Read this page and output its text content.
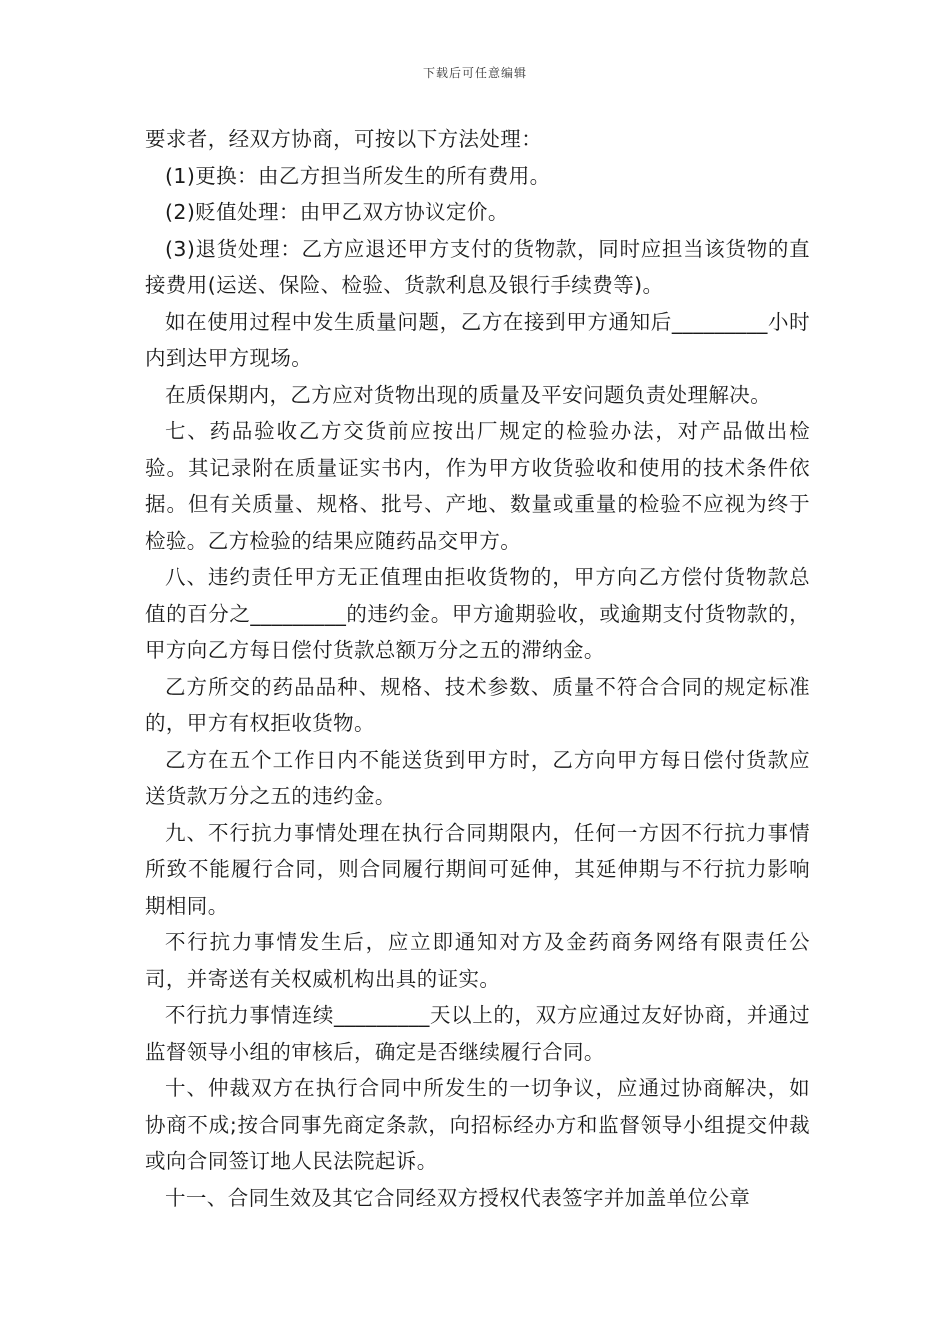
下载后可任意编辑

要求者，经双方协商，可按以下方法处理：

(1)更换：由乙方担当所发生的所有费用。

(2)贬值处理：由甲乙双方协议定价。

(3)退货处理：乙方应退还甲方支付的货物款，同时应担当该货物的直接费用(运送、保险、检验、货款利息及银行手续费等)。

如在使用过程中发生质量问题，乙方在接到甲方通知后_________小时内到达甲方现场。

在质保期内，乙方应对货物出现的质量及平安问题负责处理解决。

七、药品验收乙方交货前应按出厂规定的检验办法，对产品做出检验。其记录附在质量证实书内，作为甲方收货验收和使用的技术条件依据。但有关质量、规格、批号、产地、数量或重量的检验不应视为终于检验。乙方检验的结果应随药品交甲方。

八、违约责任甲方无正值理由拒收货物的，甲方向乙方偿付货物款总值的百分之_________的违约金。甲方逾期验收，或逾期支付货物款的，甲方向乙方每日偿付货款总额万分之五的滞纳金。

乙方所交的药品品种、规格、技术参数、质量不符合合同的规定标准的，甲方有权拒收货物。

乙方在五个工作日内不能送货到甲方时，乙方向甲方每日偿付货款应送货款万分之五的违约金。

九、不行抗力事情处理在执行合同期限内，任何一方因不行抗力事情所致不能履行合同，则合同履行期间可延伸，其延伸期与不行抗力影响期相同。

不行抗力事情发生后，应立即通知对方及金药商务网络有限责任公司，并寄送有关权威机构出具的证实。

不行抗力事情连续_________天以上的，双方应通过友好协商，并通过监督领导小组的审核后，确定是否继续履行合同。

十、仲裁双方在执行合同中所发生的一切争议，应通过协商解决，如协商不成;按合同事先商定条款，向招标经办方和监督领导小组提交仲裁或向合同签订地人民法院起诉。

十一、合同生效及其它合同经双方授权代表签字并加盖单位公章
